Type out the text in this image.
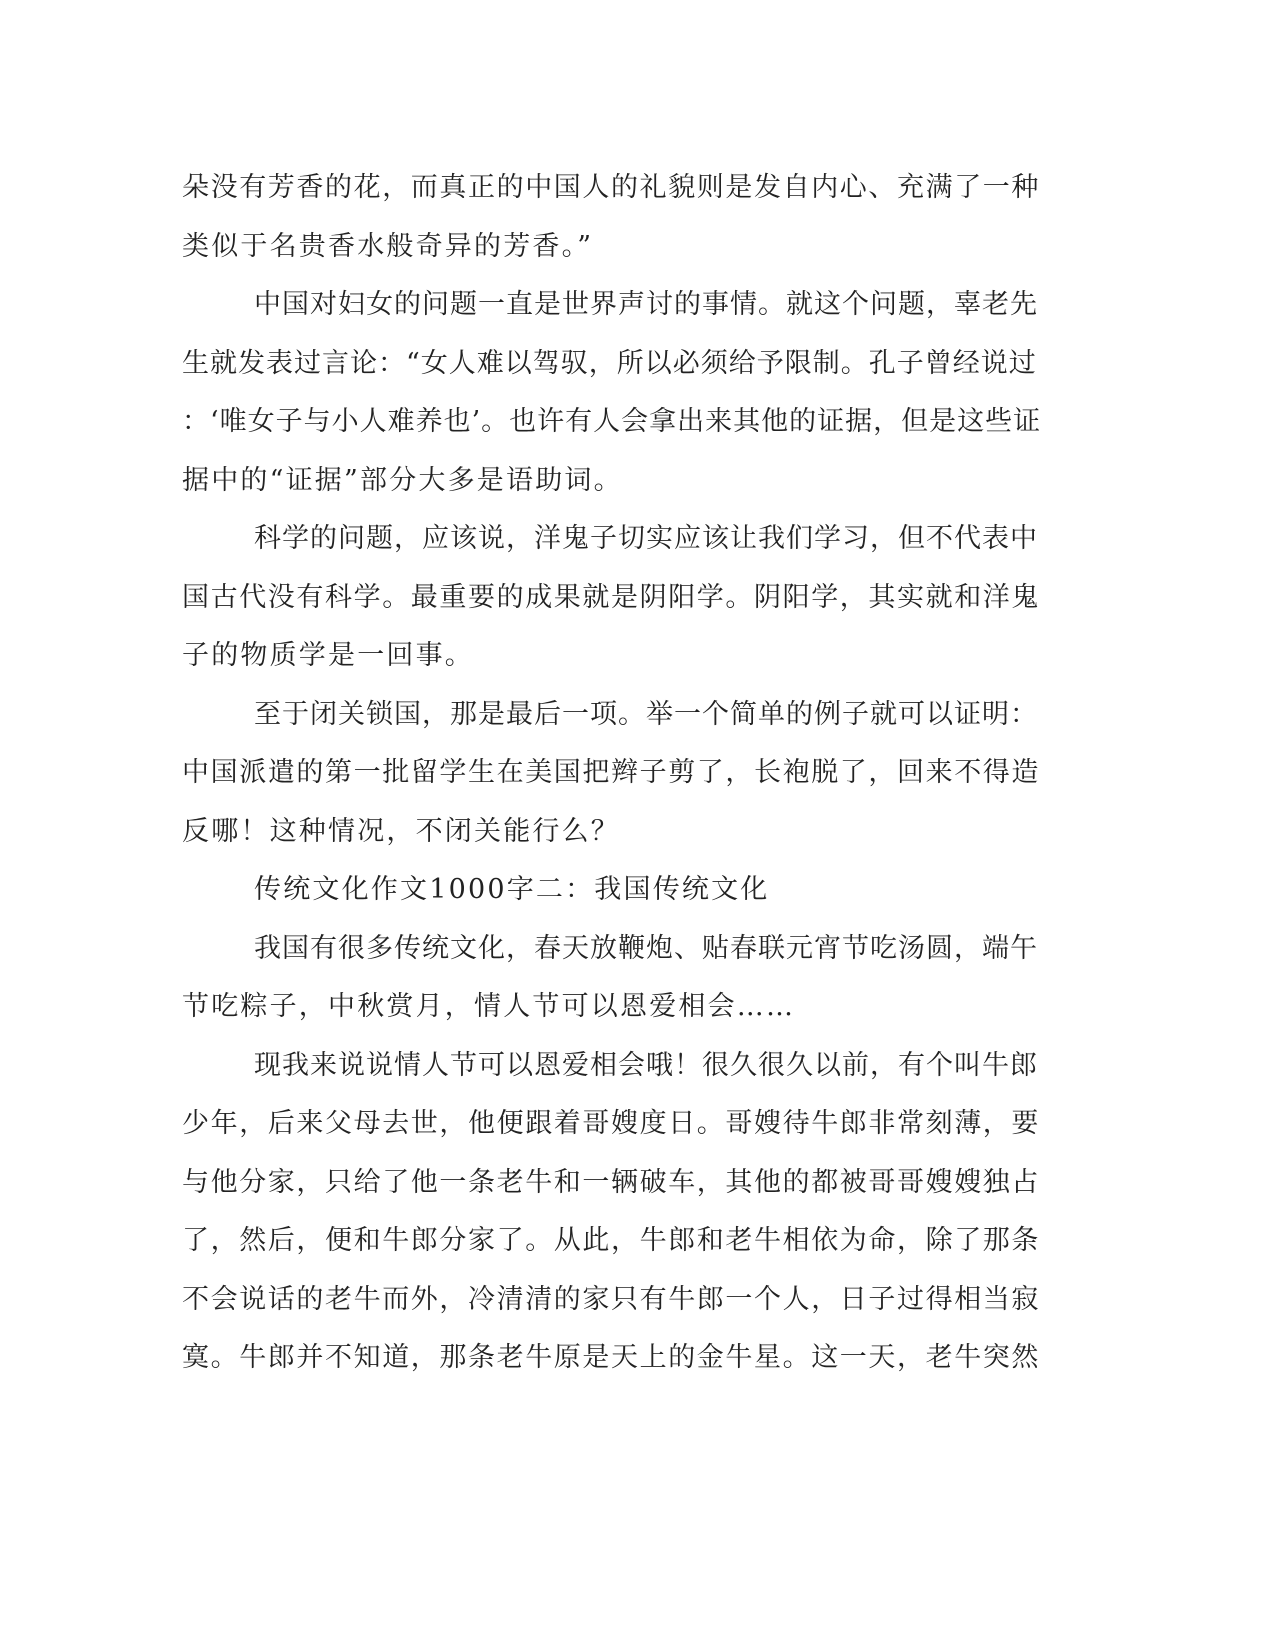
朵没有芳香的花，而真正的中国人的礼貌则是发自内心、充满了一种
类似于名贵香水般奇异的芳香。”
中国对妇女的问题一直是世界声讨的事情。就这个问题，辜老先
生就发表过言论：“女人难以驾驭，所以必须给予限制。孔子曾经说过
：‘唯女子与小人难养也’。也许有人会拿出来其他的证据，但是这些证
据中的“证据”部分大多是语助词。
科学的问题，应该说，洋鬼子切实应该让我们学习，但不代表中
国古代没有科学。最重要的成果就是阴阳学。阴阳学，其实就和洋鬼
子的物质学是一回事。
至于闭关锁国，那是最后一项。举一个简单的例子就可以证明：
中国派遣的第一批留学生在美国把辫子剪了，长袍脱了，回来不得造
反哪！这种情况，不闭关能行么？
传统文化作文1000字二：我国传统文化
我国有很多传统文化，春天放鞭炮、贴春联元宵节吃汤圆，端午
节吃粽子，中秋赏月，情人节可以恩爱相会……
现我来说说情人节可以恩爱相会哦！很久很久以前，有个叫牛郎
少年，后来父母去世，他便跟着哥嫂度日。哥嫂待牛郎非常刻薄，要
与他分家，只给了他一条老牛和一辆破车，其他的都被哥哥嫂嫂独占
了，然后，便和牛郎分家了。从此，牛郎和老牛相依为命，除了那条
不会说话的老牛而外，冷清清的家只有牛郎一个人，日子过得相当寂
寞。牛郎并不知道，那条老牛原是天上的金牛星。这一天，老牛突然
